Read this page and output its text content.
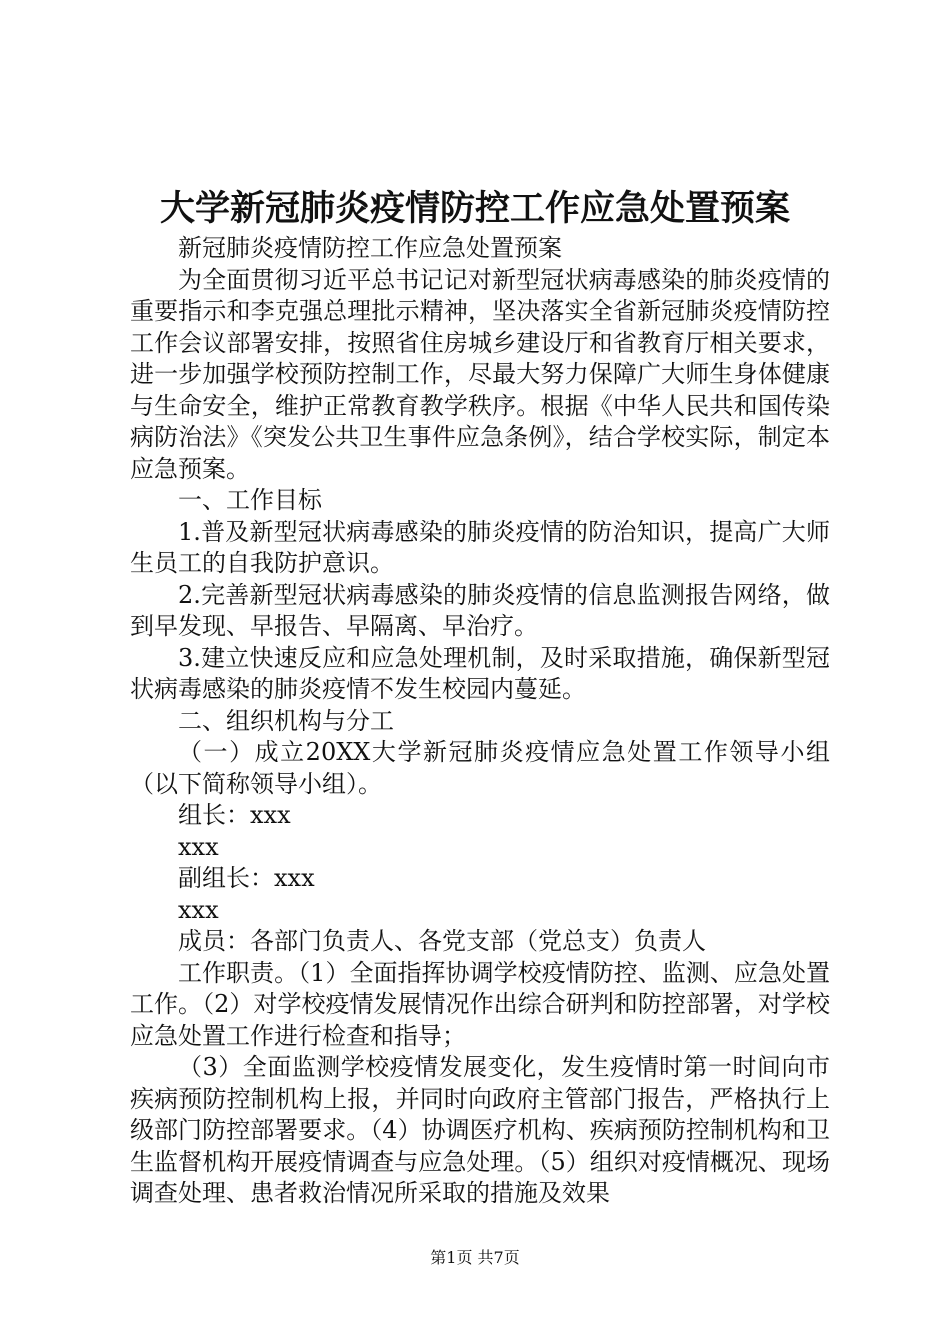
大学新冠肺炎疫情防控工作应急处置预案

新冠肺炎疫情防控工作应急处置预案

为全面贯彻习近平总书记记对新型冠状病毒感染的肺炎疫情的重要指示和李克强总理批示精神，坚决落实全省新冠肺炎疫情防控工作会议部署安排，按照省住房城乡建设厅和省教育厅相关要求，进一步加强学校预防控制工作，尽最大努力保障广大师生身体健康与生命安全，维护正常教育教学秩序。根据《中华人民共和国传染病防治法》《突发公共卫生事件应急条例》，结合学校实际，制定本应急预案。

一、工作目标

1.普及新型冠状病毒感染的肺炎疫情的防治知识，提高广大师生员工的自我防护意识。

2.完善新型冠状病毒感染的肺炎疫情的信息监测报告网络，做到早发现、早报告、早隔离、早治疗。

3.建立快速反应和应急处理机制，及时采取措施，确保新型冠状病毒感染的肺炎疫情不发生校园内蔓延。

二、组织机构与分工

（一）成立20XX大学新冠肺炎疫情应急处置工作领导小组（以下简称领导小组）。

组长：xxx

xxx

副组长：xxx

xxx

成员：各部门负责人、各党支部（党总支）负责人

工作职责。（1）全面指挥协调学校疫情防控、监测、应急处置工作。（2）对学校疫情发展情况作出综合研判和防控部署，对学校应急处置工作进行检查和指导；

（3）全面监测学校疫情发展变化，发生疫情时第一时间向市疾病预防控制机构上报，并同时向政府主管部门报告，严格执行上级部门防控部署要求。（4）协调医疗机构、疾病预防控制机构和卫生监督机构开展疫情调查与应急处理。（5）组织对疫情概况、现场调查处理、患者救治情况所采取的措施及效果

第1页 共7页
